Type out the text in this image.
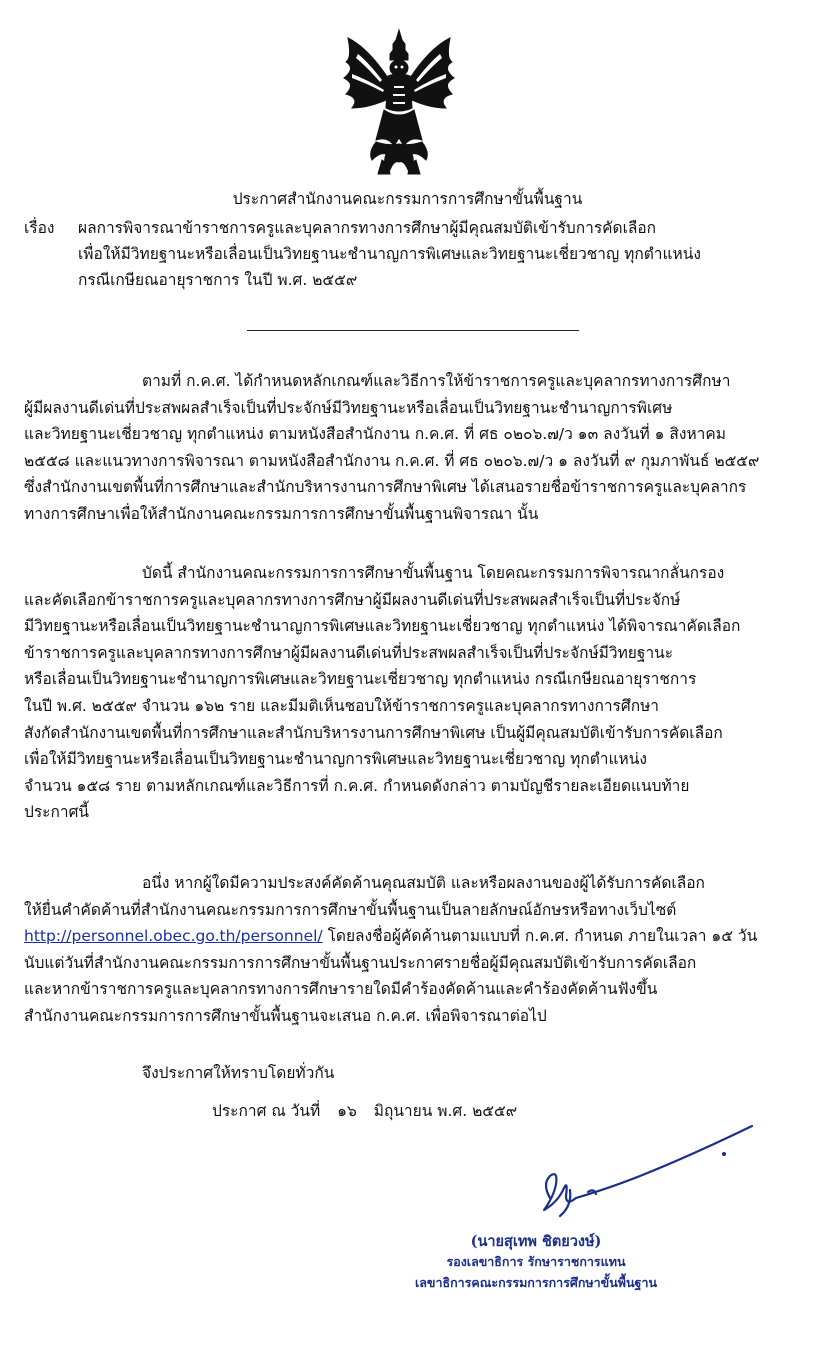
ประกาศสำนักงานคณะกรรมการการศึกษาขั้นพื้นฐาน
เรื่อง ผลการพิจารณาข้าราชการครูและบุคลากรทางการศึกษาผู้มีคุณสมบัติเข้ารับการคัดเลือก
เพื่อให้มีวิทยฐานะหรือเลื่อนเป็นวิทยฐานะชำนาญการพิเศษและวิทยฐานะเชี่ยวชาญ ทุกตำแหน่ง
กรณีเกษียณอายุราชการ ในปี พ.ศ. ๒๕๕๙
ตามที่ ก.ค.ศ. ได้กำหนดหลักเกณฑ์และวิธีการให้ข้าราชการครูและบุคลากรทางการศึกษา
ผู้มีผลงานดีเด่นที่ประสพผลสำเร็จเป็นที่ประจักษ์มีวิทยฐานะหรือเลื่อนเป็นวิทยฐานะชำนาญการพิเศษ
และวิทยฐานะเชี่ยวชาญ ทุกตำแหน่ง ตามหนังสือสำนักงาน ก.ค.ศ. ที่ ศธ ๐๒๐๖.๗/ว ๑๓ ลงวันที่ ๑ สิงหาคม
๒๕๕๘ และแนวทางการพิจารณา ตามหนังสือสำนักงาน ก.ค.ศ. ที่ ศธ ๐๒๐๖.๗/ว ๑ ลงวันที่ ๙ กุมภาพันธ์ ๒๕๕๙
ซึ่งสำนักงานเขตพื้นที่การศึกษาและสำนักบริหารงานการศึกษาพิเศษ ได้เสนอรายชื่อข้าราชการครูและบุคลากร
ทางการศึกษาเพื่อให้สำนักงานคณะกรรมการการศึกษาขั้นพื้นฐานพิจารณา นั้น
บัดนี้ สำนักงานคณะกรรมการการศึกษาขั้นพื้นฐาน โดยคณะกรรมการพิจารณากลั่นกรอง
และคัดเลือกข้าราชการครูและบุคลากรทางการศึกษาผู้มีผลงานดีเด่นที่ประสพผลสำเร็จเป็นที่ประจักษ์
มีวิทยฐานะหรือเลื่อนเป็นวิทยฐานะชำนาญการพิเศษและวิทยฐานะเชี่ยวชาญ ทุกตำแหน่ง ได้พิจารณาคัดเลือก
ข้าราชการครูและบุคลากรทางการศึกษาผู้มีผลงานดีเด่นที่ประสพผลสำเร็จเป็นที่ประจักษ์มีวิทยฐานะ
หรือเลื่อนเป็นวิทยฐานะชำนาญการพิเศษและวิทยฐานะเชี่ยวชาญ ทุกตำแหน่ง กรณีเกษียณอายุราชการ
ในปี พ.ศ. ๒๕๕๙ จำนวน ๑๖๒ ราย และมีมติเห็นชอบให้ข้าราชการครูและบุคลากรทางการศึกษา
สังกัดสำนักงานเขตพื้นที่การศึกษาและสำนักบริหารงานการศึกษาพิเศษ เป็นผู้มีคุณสมบัติเข้ารับการคัดเลือก
เพื่อให้มีวิทยฐานะหรือเลื่อนเป็นวิทยฐานะชำนาญการพิเศษและวิทยฐานะเชี่ยวชาญ ทุกตำแหน่ง
จำนวน ๑๕๘ ราย ตามหลักเกณฑ์และวิธีการที่ ก.ค.ศ. กำหนดดังกล่าว ตามบัญชีรายละเอียดแนบท้าย
ประกาศนี้
อนึ่ง หากผู้ใดมีความประสงค์คัดค้านคุณสมบัติ และหรือผลงานของผู้ได้รับการคัดเลือก
ให้ยื่นคำคัดค้านที่สำนักงานคณะกรรมการการศึกษาขั้นพื้นฐานเป็นลายลักษณ์อักษรหรือทางเว็บไซต์
http://personnel.obec.go.th/personnel/ โดยลงชื่อผู้คัดค้านตามแบบที่ ก.ค.ศ. กำหนด ภายในเวลา ๑๕ วัน
นับแต่วันที่สำนักงานคณะกรรมการการศึกษาขั้นพื้นฐานประกาศรายชื่อผู้มีคุณสมบัติเข้ารับการคัดเลือก
และหากข้าราชการครูและบุคลากรทางการศึกษารายใดมีคำร้องคัดค้านและคำร้องคัดค้านฟังขึ้น
สำนักงานคณะกรรมการการศึกษาขั้นพื้นฐานจะเสนอ ก.ค.ศ. เพื่อพิจารณาต่อไป
จึงประกาศให้ทราบโดยทั่วกัน
ประกาศ ณ วันที่ ๑๖ มิถุนายน พ.ศ. ๒๕๕๙
(นายสุเทพ ชิตยวงษ์)
รองเลขาธิการ รักษาราชการแทน
เลขาธิการคณะกรรมการการศึกษาขั้นพื้นฐาน
